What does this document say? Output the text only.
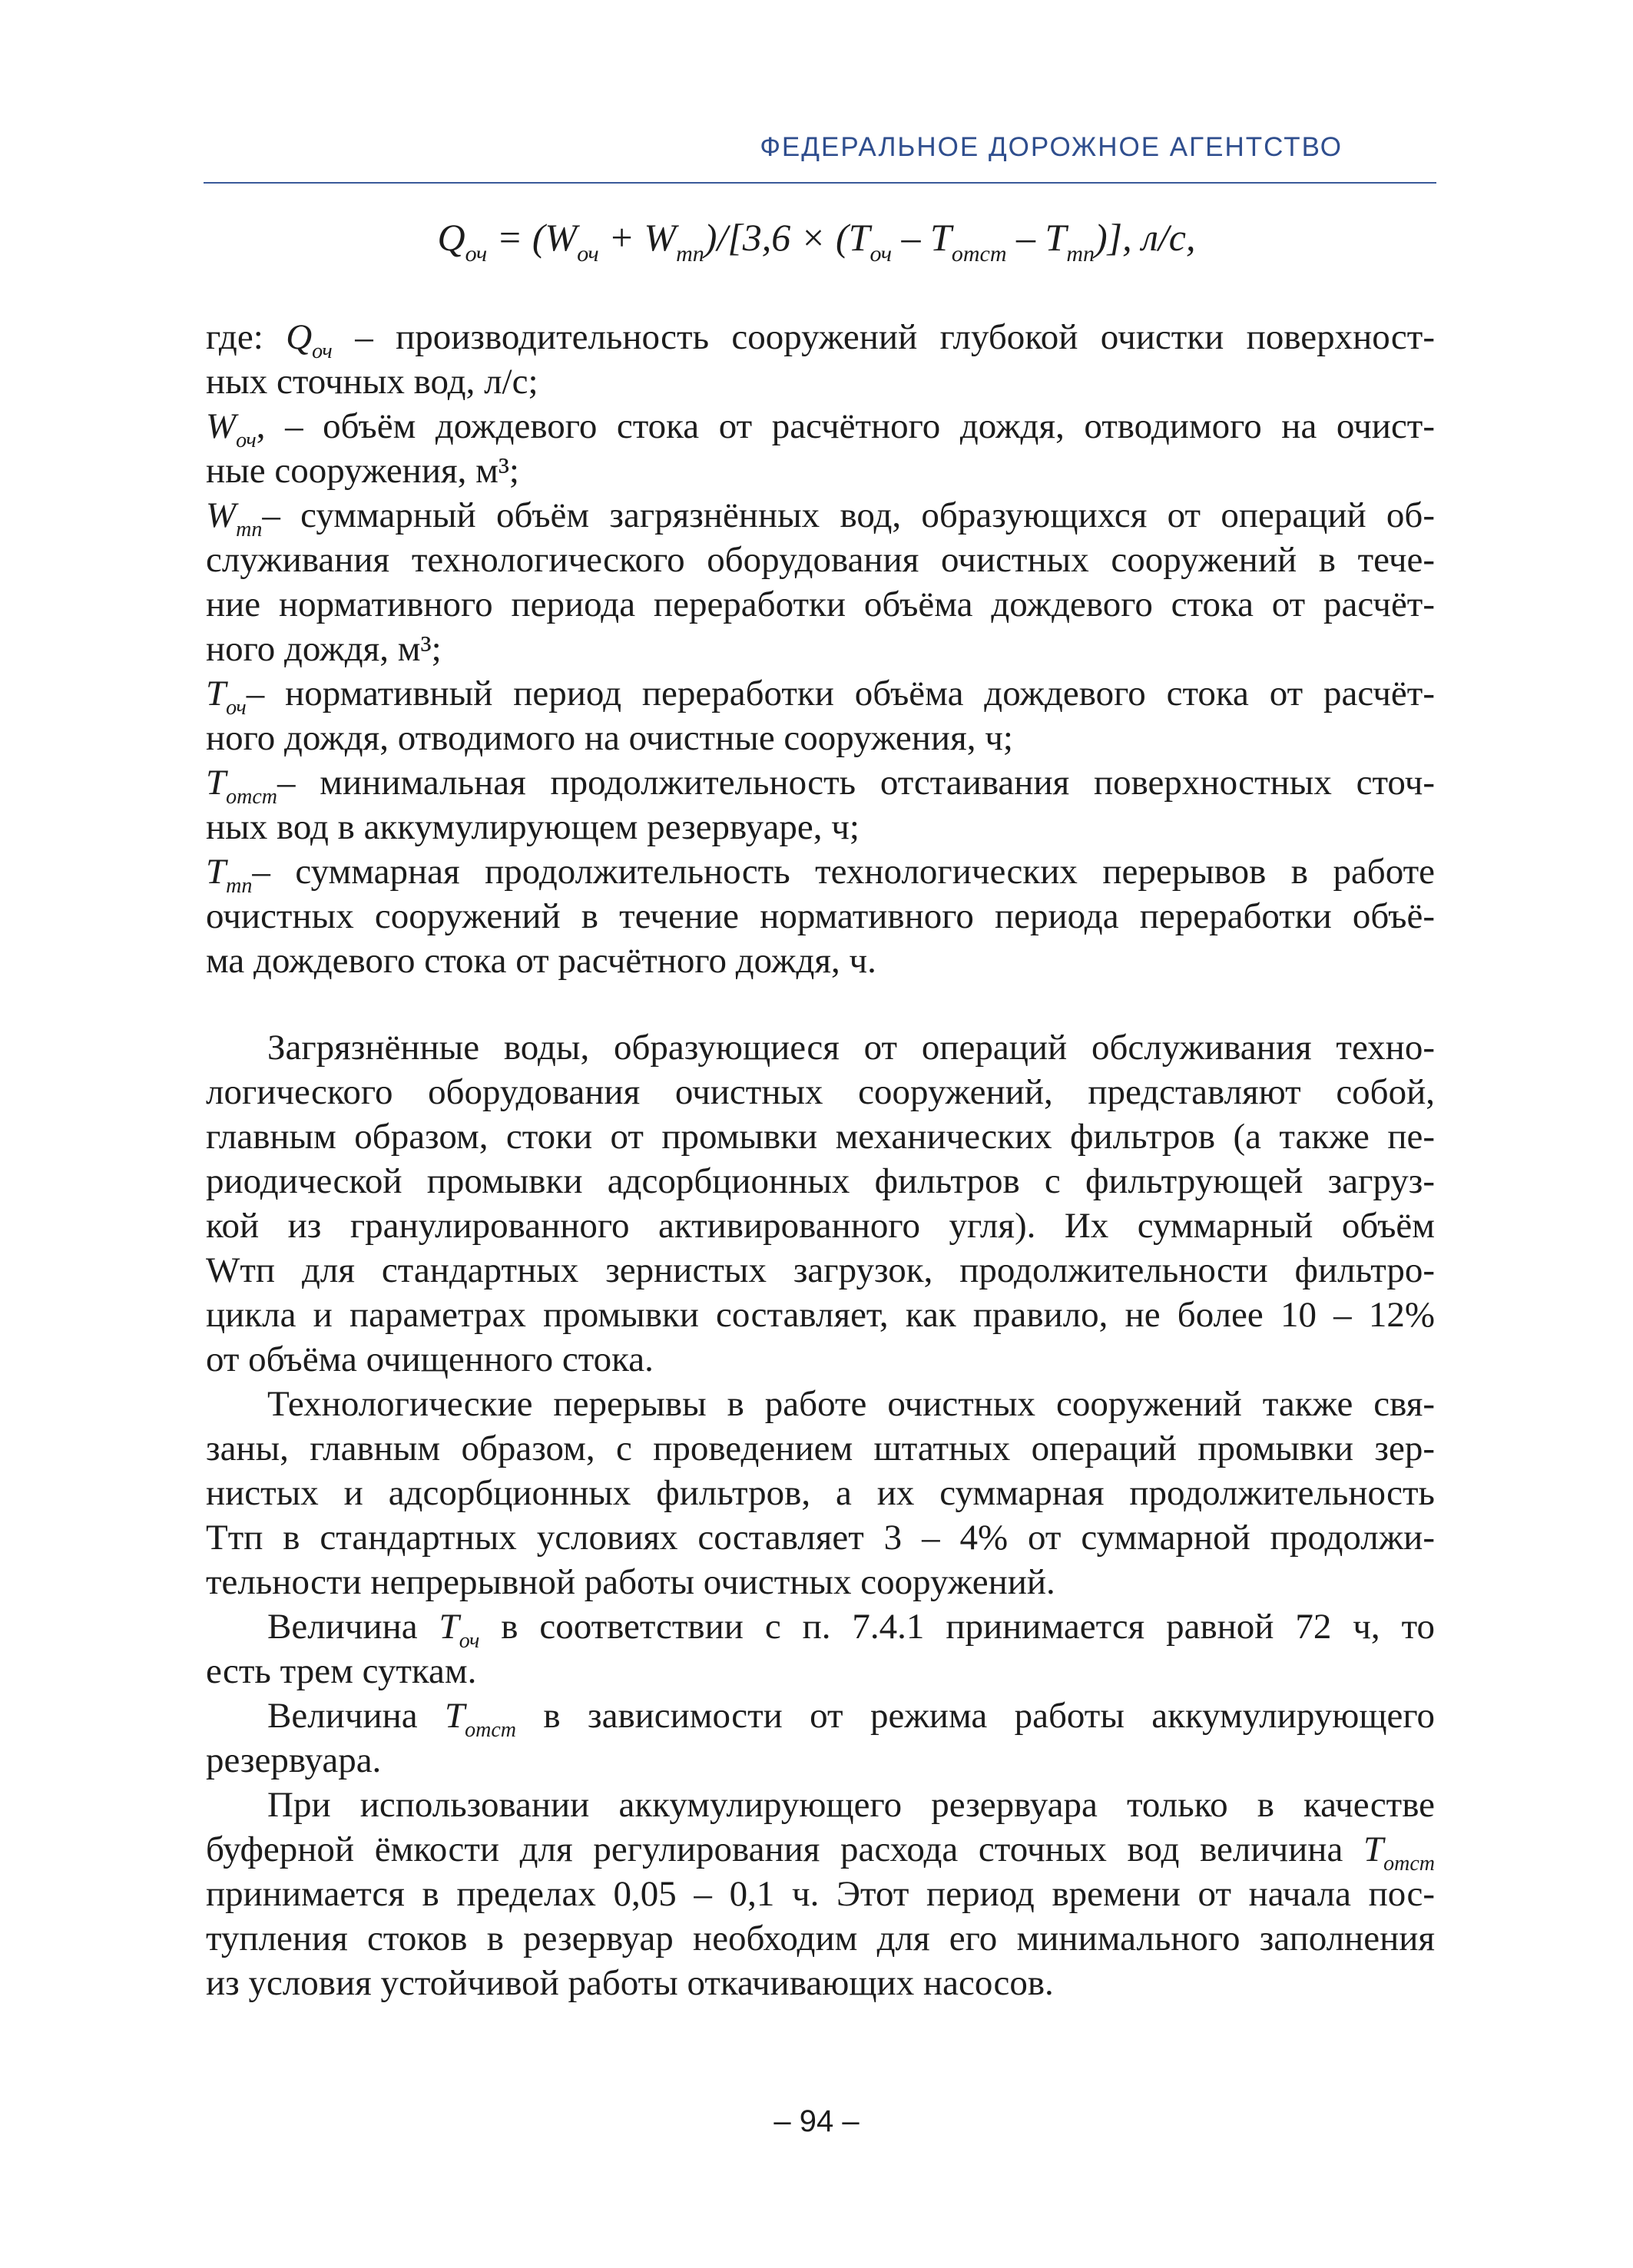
ФЕДЕРАЛЬНОЕ ДОРОЖНОЕ АГЕНТСТВО
$Q_{оч} = (W_{оч} + W_{тп})/[3,6 \times (T_{оч} - T_{отст} - T_{тп})]$, л/с,
где: $Q_{оч}$ – производительность сооружений глубокой очистки поверхност-
ных сточных вод, л/с;
$W_{оч}$, – объём дождевого стока от расчётного дождя, отводимого на очист-
ные сооружения, м³;
$W_{тп}-$ суммарный объём загрязнённых вод, образующихся от операций об-
служивания технологического оборудования очистных сооружений в тече-
ние нормативного периода переработки объёма дождевого стока от расчёт-
ного дождя, м³;
$T_{оч}-$ нормативный период переработки объёма дождевого стока от расчёт-
ного дождя, отводимого на очистные сооружения, ч;
$T_{отст}-$ минимальная продолжительность отстаивания поверхностных сточ-
ных вод в аккумулирующем резервуаре, ч;
$T_{тп}-$ суммарная продолжительность технологических перерывов в работе
очистных сооружений в течение нормативного периода переработки объё-
ма дождевого стока от расчётного дождя, ч.
Загрязнённые воды, образующиеся от операций обслуживания техно-
логического оборудования очистных сооружений, представляют собой,
главным образом, стоки от промывки механических фильтров (а также пе-
риодической промывки адсорбционных фильтров с фильтрующей загруз-
кой из гранулированного активированного угля). Их суммарный объём
Wтп для стандартных зернистых загрузок, продолжительности фильтро-
цикла и параметрах промывки составляет, как правило, не более 10 – 12%
от объёма очищенного стока.
Технологические перерывы в работе очистных сооружений также свя-
заны, главным образом, с проведением штатных операций промывки зер-
нистых и адсорбционных фильтров, а их суммарная продолжительность
Ттп в стандартных условиях составляет 3 – 4% от суммарной продолжи-
тельности непрерывной работы очистных сооружений.
Величина $T_{оч}$ в соответствии с п. 7.4.1 принимается равной 72 ч, то
есть трем суткам.
Величина $T_{отст}$ в зависимости от режима работы аккумулирующего
резервуара.
При использовании аккумулирующего резервуара только в качестве
буферной ёмкости для регулирования расхода сточных вод величина $T_{отст}$
принимается в пределах 0,05 – 0,1 ч. Этот период времени от начала пос-
тупления стоков в резервуар необходим для его минимального заполнения
из условия устойчивой работы откачивающих насосов.
– 94 –
